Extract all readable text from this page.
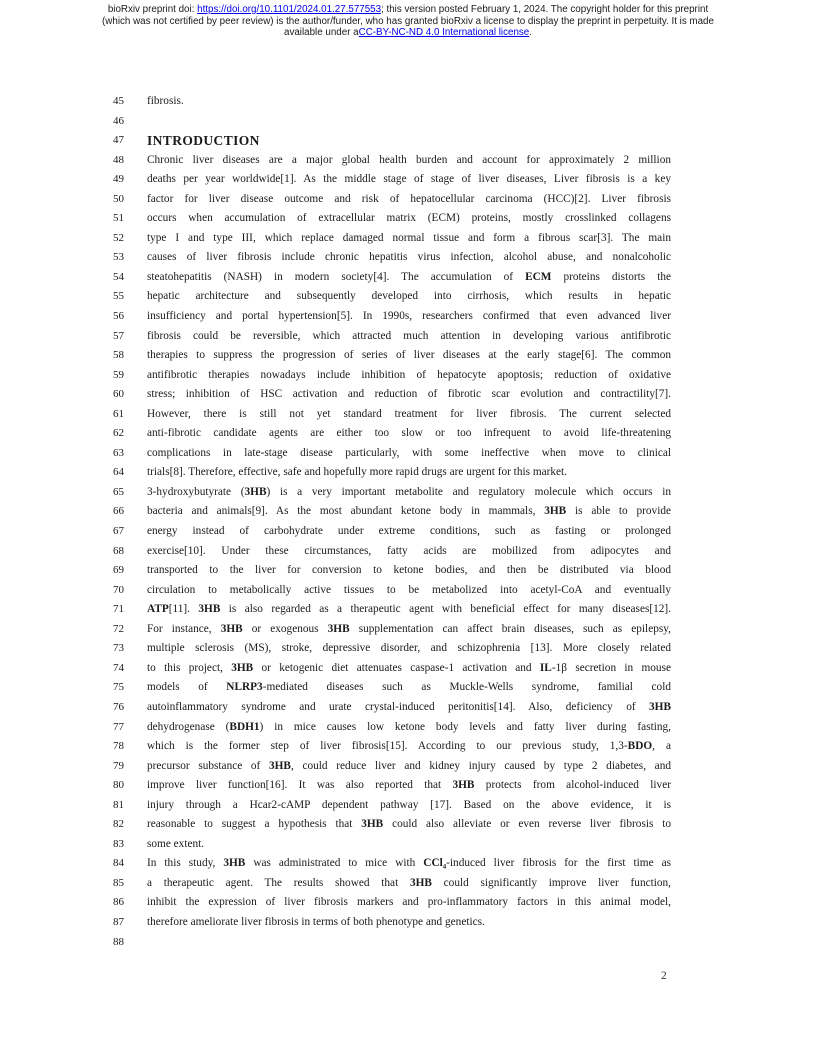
bioRxiv preprint doi: https://doi.org/10.1101/2024.01.27.577553; this version posted February 1, 2024. The copyright holder for this preprint
(which was not certified by peer review) is the author/funder, who has granted bioRxiv a license to display the preprint in perpetuity. It is made
available under aCC-BY-NC-ND 4.0 International license.
45	fibrosis.
46
47	INTRODUCTION
48	Chronic liver diseases are a major global health burden and account for approximately 2 million
49	deaths per year worldwide[1]. As the middle stage of stage of liver diseases, Liver fibrosis is a key
50	factor for liver disease outcome and risk of hepatocellular carcinoma (HCC)[2]. Liver fibrosis
51	occurs when accumulation of extracellular matrix (ECM) proteins, mostly crosslinked collagens
52	type I and type III, which replace damaged normal tissue and form a fibrous scar[3]. The main
53	causes of liver fibrosis include chronic hepatitis virus infection, alcohol abuse, and nonalcoholic
54	steatohepatitis (NASH) in modern society[4]. The accumulation of ECM proteins distorts the
55	hepatic architecture and subsequently developed into cirrhosis, which results in hepatic
56	insufficiency and portal hypertension[5]. In 1990s, researchers confirmed that even advanced liver
57	fibrosis could be reversible, which attracted much attention in developing various antifibrotic
58	therapies to suppress the progression of series of liver diseases at the early stage[6]. The common
59	antifibrotic therapies nowadays include inhibition of hepatocyte apoptosis; reduction of oxidative
60	stress; inhibition of HSC activation and reduction of fibrotic scar evolution and contractility[7].
61	However, there is still not yet standard treatment for liver fibrosis. The current selected
62	anti-fibrotic candidate agents are either too slow or too infrequent to avoid life-threatening
63	complications in late-stage disease particularly, with some ineffective when move to clinical
64	trials[8]. Therefore, effective, safe and hopefully more rapid drugs are urgent for this market.
65	3-hydroxybutyrate (3HB) is a very important metabolite and regulatory molecule which occurs in
66	bacteria and animals[9]. As the most abundant ketone body in mammals, 3HB is able to provide
67	energy instead of carbohydrate under extreme conditions, such as fasting or prolonged
68	exercise[10]. Under these circumstances, fatty acids are mobilized from adipocytes and
69	transported to the liver for conversion to ketone bodies, and then be distributed via blood
70	circulation to metabolically active tissues to be metabolized into acetyl-CoA and eventually
71	ATP[11]. 3HB is also regarded as a therapeutic agent with beneficial effect for many diseases[12].
72	For instance, 3HB or exogenous 3HB supplementation can affect brain diseases, such as epilepsy,
73	multiple sclerosis (MS), stroke, depressive disorder, and schizophrenia [13]. More closely related
74	to this project, 3HB or ketogenic diet attenuates caspase-1 activation and IL-1β secretion in mouse
75	models of NLRP3-mediated diseases such as Muckle-Wells syndrome, familial cold
76	autoinflammatory syndrome and urate crystal-induced peritonitis[14]. Also, deficiency of 3HB
77	dehydrogenase (BDH1) in mice causes low ketone body levels and fatty liver during fasting,
78	which is the former step of liver fibrosis[15]. According to our previous study, 1,3-BDO, a
79	precursor substance of 3HB, could reduce liver and kidney injury caused by type 2 diabetes, and
80	improve liver function[16]. It was also reported that 3HB protects from alcohol-induced liver
81	injury through a Hcar2-cAMP dependent pathway [17]. Based on the above evidence, it is
82	reasonable to suggest a hypothesis that 3HB could also alleviate or even reverse liver fibrosis to
83	some extent.
84	In this study, 3HB was administrated to mice with CCl₄-induced liver fibrosis for the first time as
85	a therapeutic agent. The results showed that 3HB could significantly improve liver function,
86	inhibit the expression of liver fibrosis markers and pro-inflammatory factors in this animal model,
87	therefore ameliorate liver fibrosis in terms of both phenotype and genetics.
88
2
